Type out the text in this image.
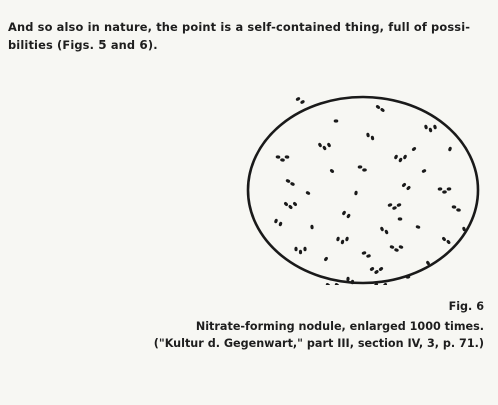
And so also in nature, the point is a self-contained thing, full of possi-
bilities (Figs. 5 and 6).
Fig. 6
Nitrate-forming nodule, enlarged 1000 times.
("Kultur d. Gegenwart," part III, section IV, 3, p. 71.)
